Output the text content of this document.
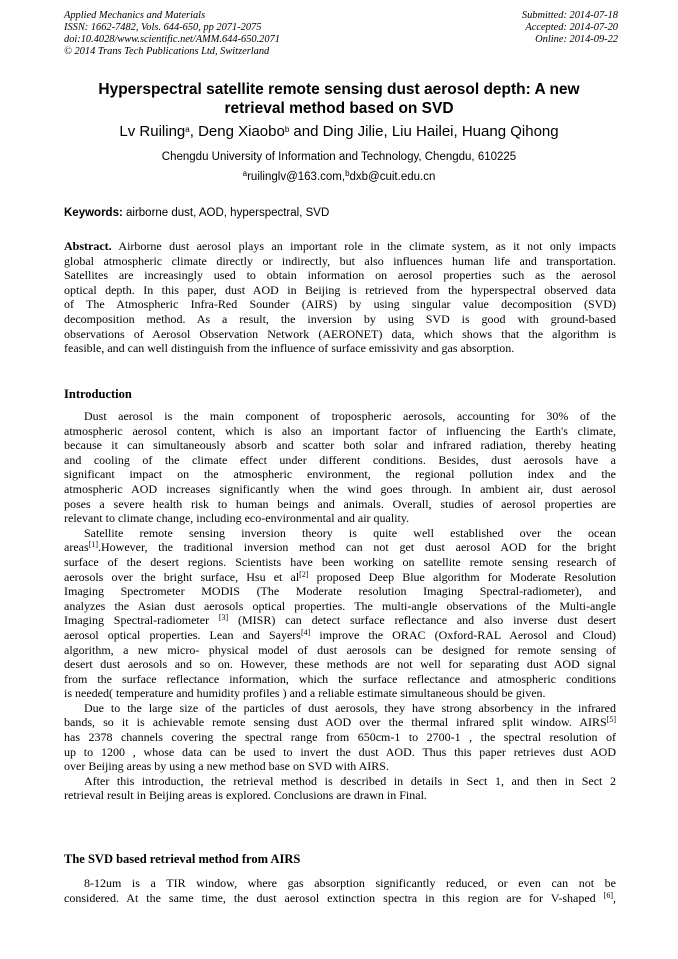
Applied Mechanics and Materials
ISSN: 1662-7482, Vols. 644-650, pp 2071-2075
doi:10.4028/www.scientific.net/AMM.644-650.2071
© 2014 Trans Tech Publications Ltd, Switzerland
Submitted: 2014-07-18
Accepted: 2014-07-20
Online: 2014-09-22
Hyperspectral satellite remote sensing dust aerosol depth: A new
retrieval method based on SVD
Lv Ruiling$^a$, Deng Xiaobo$^b$ and Ding Jilie, Liu Hailei, Huang Qihong
Chengdu University of Information and Technology, Chengdu, 610225
$^a$ruilinglv@163.com,$^b$dxb@cuit.edu.cn
Keywords: airborne dust, AOD, hyperspectral, SVD
Abstract. Airborne dust aerosol plays an important role in the climate system, as it not only impacts
global atmospheric climate directly or indirectly, but also influences human life and transportation.
Satellites are increasingly used to obtain information on aerosol properties such as the aerosol
optical depth. In this paper, dust AOD in Beijing is retrieved from the hyperspectral observed data
of The Atmospheric Infra-Red Sounder (AIRS) by using singular value decomposition (SVD)
decomposition method. As a result, the inversion by using SVD is good with ground-based
observations of Aerosol Observation Network (AERONET) data, which shows that the algorithm is
feasible, and can well distinguish from the influence of surface emissivity and gas absorption.
Introduction
Dust aerosol is the main component of tropospheric aerosols, accounting for 30% of the
atmospheric aerosol content, which is also an important factor of influencing the Earth's climate,
because it can simultaneously absorb and scatter both solar and infrared radiation, thereby heating
and cooling of the climate effect under different conditions. Besides, dust aerosols have a
significant impact on the atmospheric environment, the regional pollution index and the
atmospheric AOD increases significantly when the wind goes through. In ambient air, dust aerosol
poses a severe health risk to human beings and animals. Overall, studies of aerosol properties are
relevant to climate change, including eco-environmental and air quality.
Satellite remote sensing inversion theory is quite well established over the ocean
areas[1].However, the traditional inversion method can not get dust aerosol AOD for the bright
surface of the desert regions. Scientists have been working on satellite remote sensing research of
aerosols over the bright surface, Hsu et al[2] proposed Deep Blue algorithm for Moderate Resolution
Imaging Spectrometer MODIS (The Moderate resolution Imaging Spectral-radiometer), and
analyzes the Asian dust aerosols optical properties. The multi-angle observations of the Multi-angle
Imaging Spectral-radiometer [3] (MISR) can detect surface reflectance and also inverse dust desert
aerosol optical properties. Lean and Sayers[4] improve the ORAC (Oxford-RAL Aerosol and Cloud)
algorithm, a new micro- physical model of dust aerosols can be designed for remote sensing of
desert dust aerosols and so on. However, these methods are not well for separating dust AOD signal
from the surface reflectance information, which the surface reflectance and atmospheric conditions
is needed( temperature and humidity profiles ) and a reliable estimate simultaneous should be given.
Due to the large size of the particles of dust aerosols, they have strong absorbency in the infrared
bands, so it is achievable remote sensing dust AOD over the thermal infrared split window. AIRS[5]
has 2378 channels covering the spectral range from 650cm-1 to 2700-1 , the spectral resolution of
up to 1200 , whose data can be used to invert the dust AOD. Thus this paper retrieves dust AOD
over Beijing areas by using a new method base on SVD with AIRS.
After this introduction, the retrieval method is described in details in Sect 1, and then in Sect 2
retrieval result in Beijing areas is explored. Conclusions are drawn in Final.
The SVD based retrieval method from AIRS
8-12um is a TIR window, where gas absorption significantly reduced, or even can not be
considered. At the same time, the dust aerosol extinction spectra in this region are for V-shaped [6],
